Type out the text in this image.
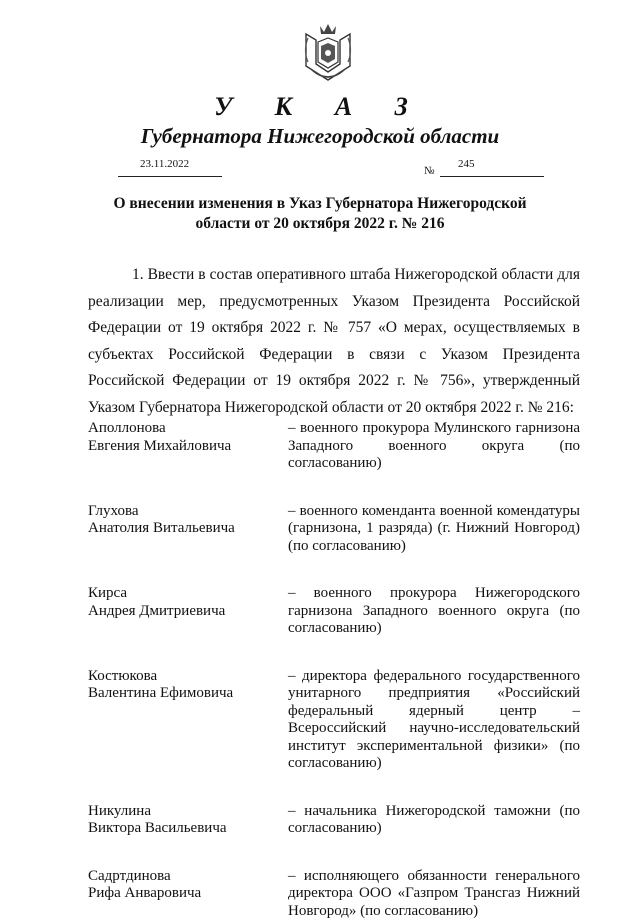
У К А З
Губернатора Нижегородской области
23.11.2022
№
245
О внесении изменения в Указ Губернатора Нижегородской области от 20 октября 2022 г. № 216
1. Ввести в состав оперативного штаба Нижегородской области для реализации мер, предусмотренных Указом Президента Российской Федерации от 19 октября 2022 г. № 757 «О мерах, осуществляемых в субъектах Российской Федерации в связи с Указом Президента Российской Федерации от 19 октября 2022 г. № 756», утвержденный Указом Губернатора Нижегородской области от 20 октября 2022 г. № 216:
Аполлонова
Евгения Михайловича
– военного прокурора Мулинского гарнизона Западного военного округа (по согласованию)
Глухова
Анатолия Витальевича
– военного коменданта военной комендатуры (гарнизона, 1 разряда) (г. Нижний Новгород) (по согласованию)
Кирса
Андрея Дмитриевича
– военного прокурора Нижегородского гарнизона Западного военного округа (по согласованию)
Костюкова
Валентина Ефимовича
– директора федерального государственного унитарного предприятия «Российский федеральный ядерный центр – Всероссийский научно-исследовательский институт экспериментальной физики» (по согласованию)
Никулина
Виктора Васильевича
– начальника Нижегородской таможни (по согласованию)
Садртдинова
Рифа Анваровича
– исполняющего обязанности генерального директора ООО «Газпром Трансгаз Нижний Новгород» (по согласованию)
